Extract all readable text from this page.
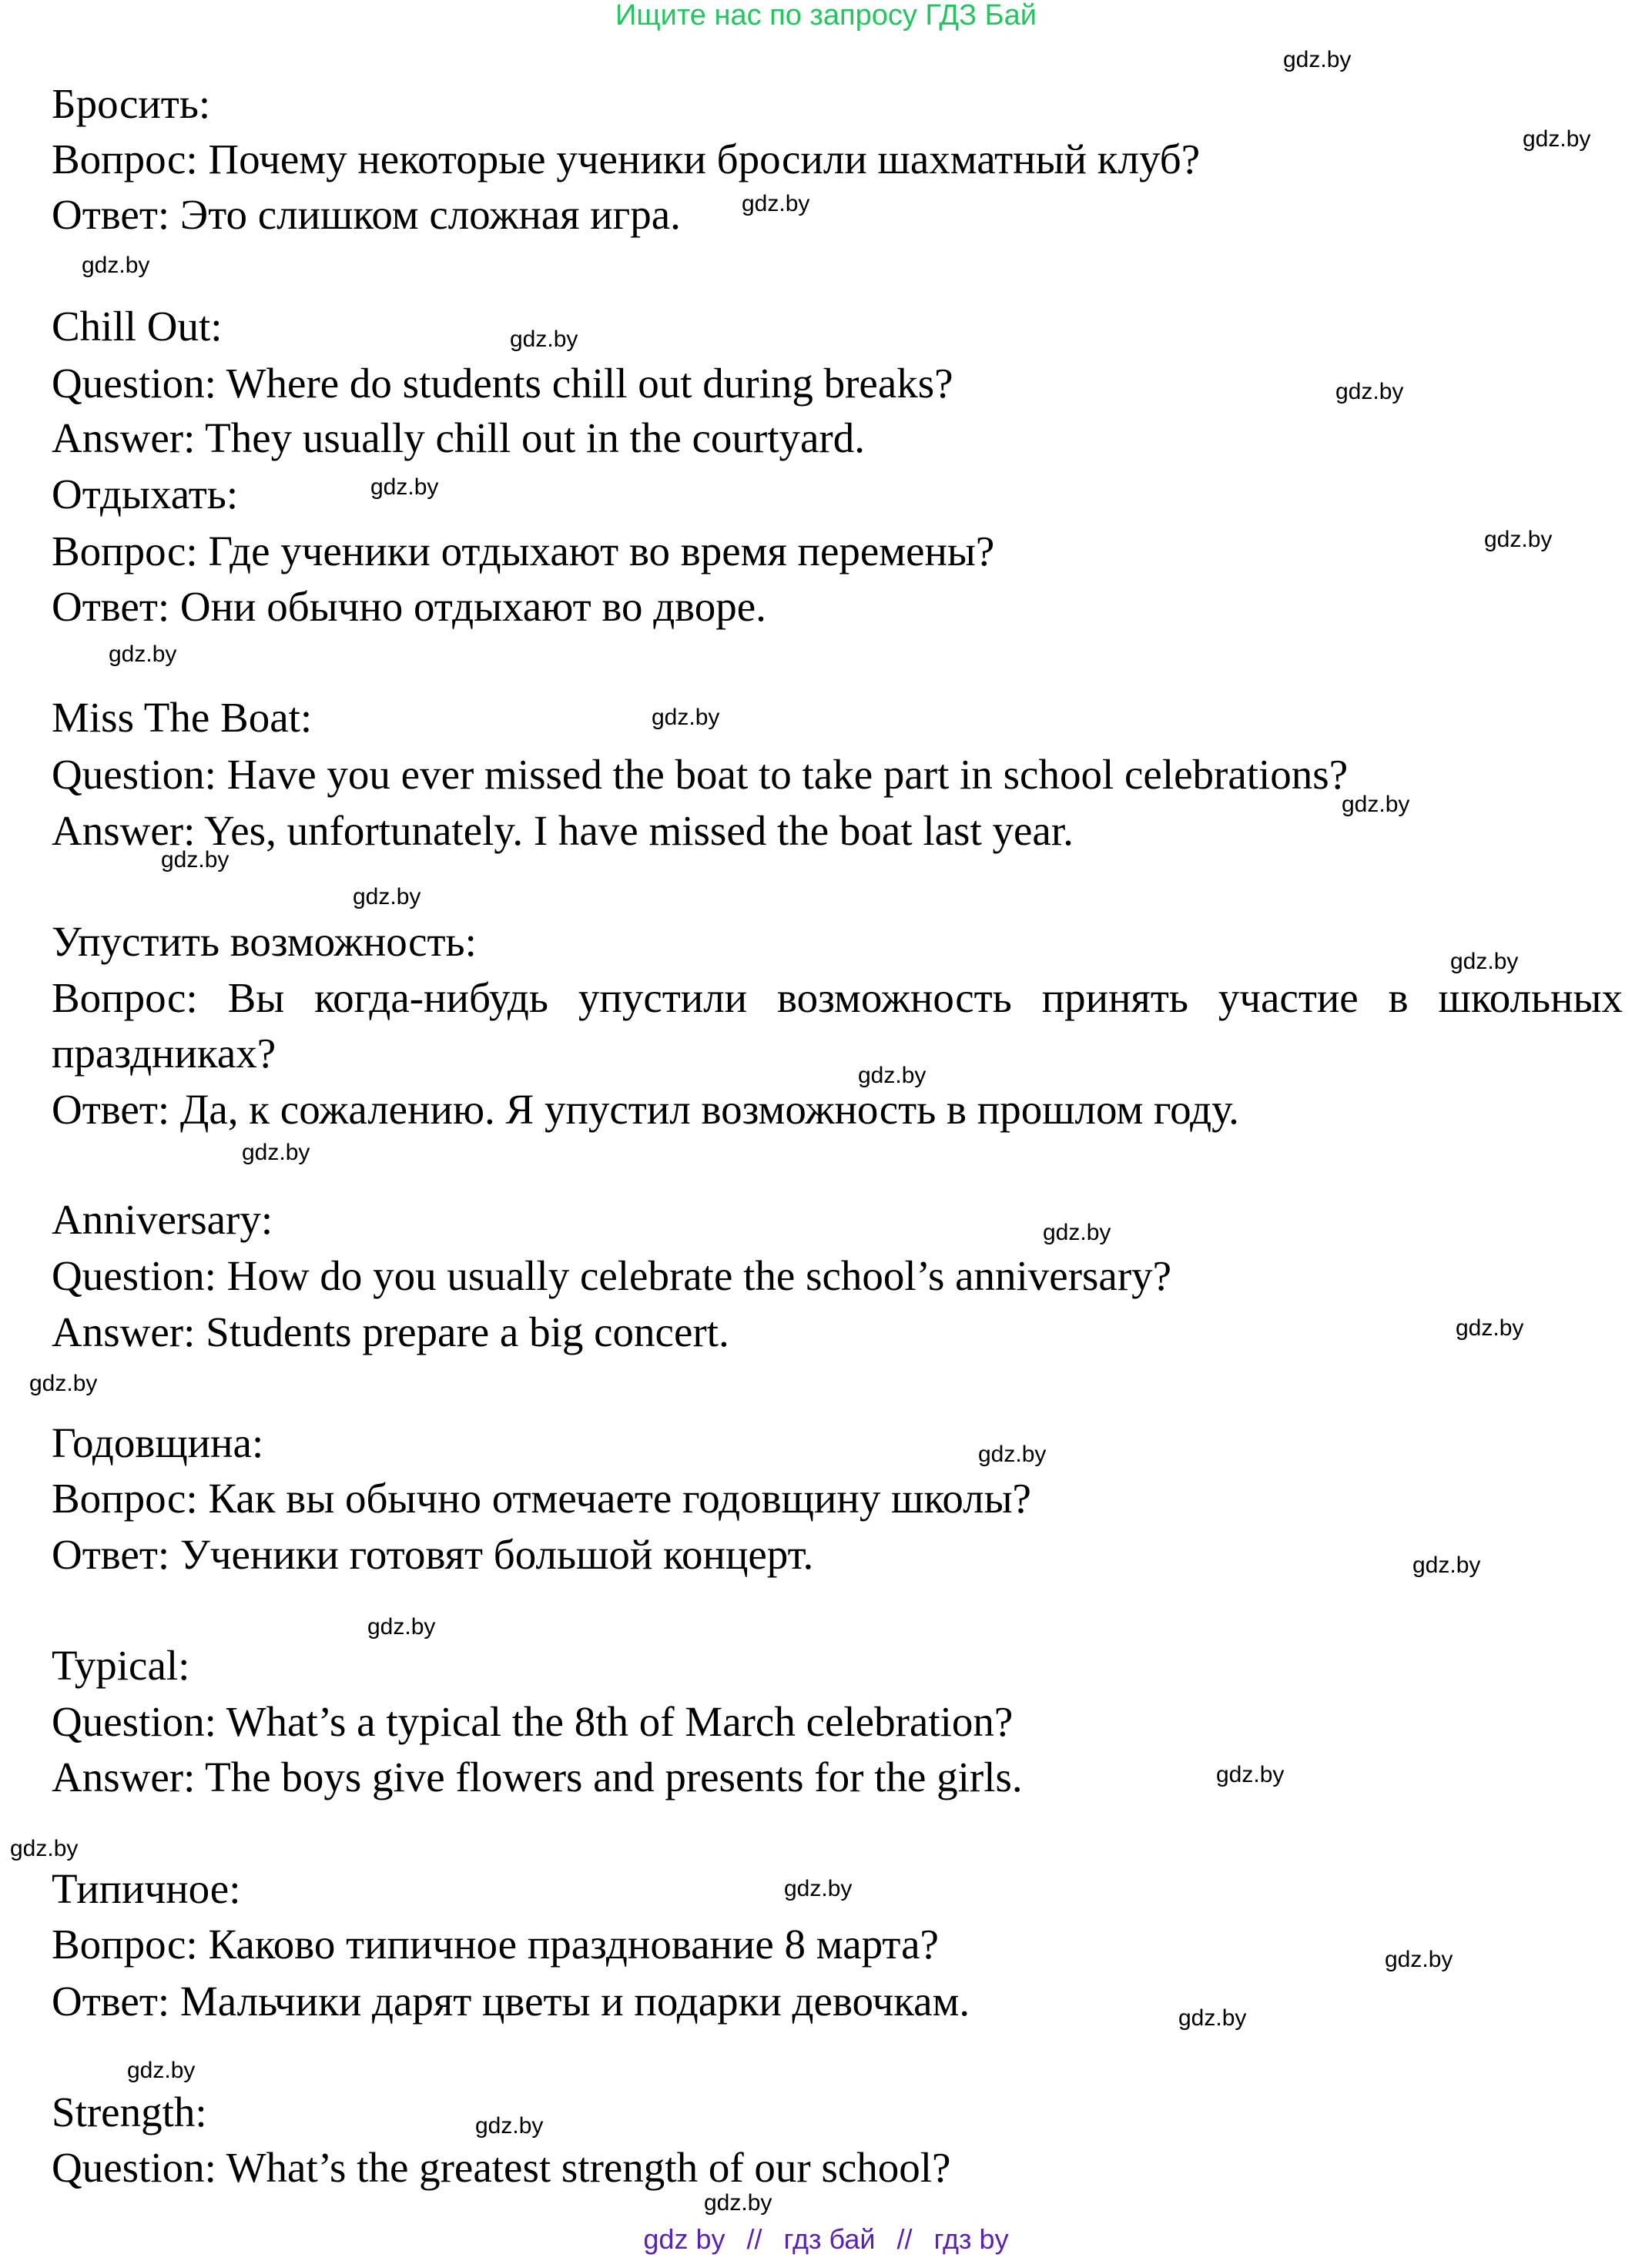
Ищите нас по запросу ГДЗ Бай
Бросить:
Вопрос: Почему некоторые ученики бросили шахматный клуб?
Ответ: Это слишком сложная игра.
Chill Out:
Question: Where do students chill out during breaks?
Answer: They usually chill out in the courtyard.
Отдыхать:
Вопрос: Где ученики отдыхают во время перемены?
Ответ: Они обычно отдыхают во дворе.
Miss The Boat:
Question: Have you ever missed the boat to take part in school celebrations?
Answer: Yes, unfortunately. I have missed the boat last year.
Упустить возможность:
Вопрос: Вы когда-нибудь упустили возможность принять участие в школьных
праздниках?
Ответ: Да, к сожалению. Я упустил возможность в прошлом году.
Anniversary:
Question: How do you usually celebrate the school’s anniversary?
Answer: Students prepare a big concert.
Годовщина:
Вопрос: Как вы обычно отмечаете годовщину школы?
Ответ: Ученики готовят большой концерт.
Typical:
Question: What’s a typical the 8th of March celebration?
Answer: The boys give flowers and presents for the girls.
Типичное:
Вопрос: Каково типичное празднование 8 марта?
Ответ: Мальчики дарят цветы и подарки девочкам.
Strength:
Question: What’s the greatest strength of our school?
gdz.by
gdz.by
gdz.by
gdz.by
gdz.by
gdz.by
gdz.by
gdz.by
gdz.by
gdz.by
gdz.by
gdz.by
gdz.by
gdz.by
gdz.by
gdz.by
gdz.by
gdz.by
gdz.by
gdz.by
gdz.by
gdz.by
gdz.by
gdz.by
gdz.by
gdz.by
gdz.by
gdz.by
gdz.by
gdz.by
gdz by // гдз бай // гдз by
